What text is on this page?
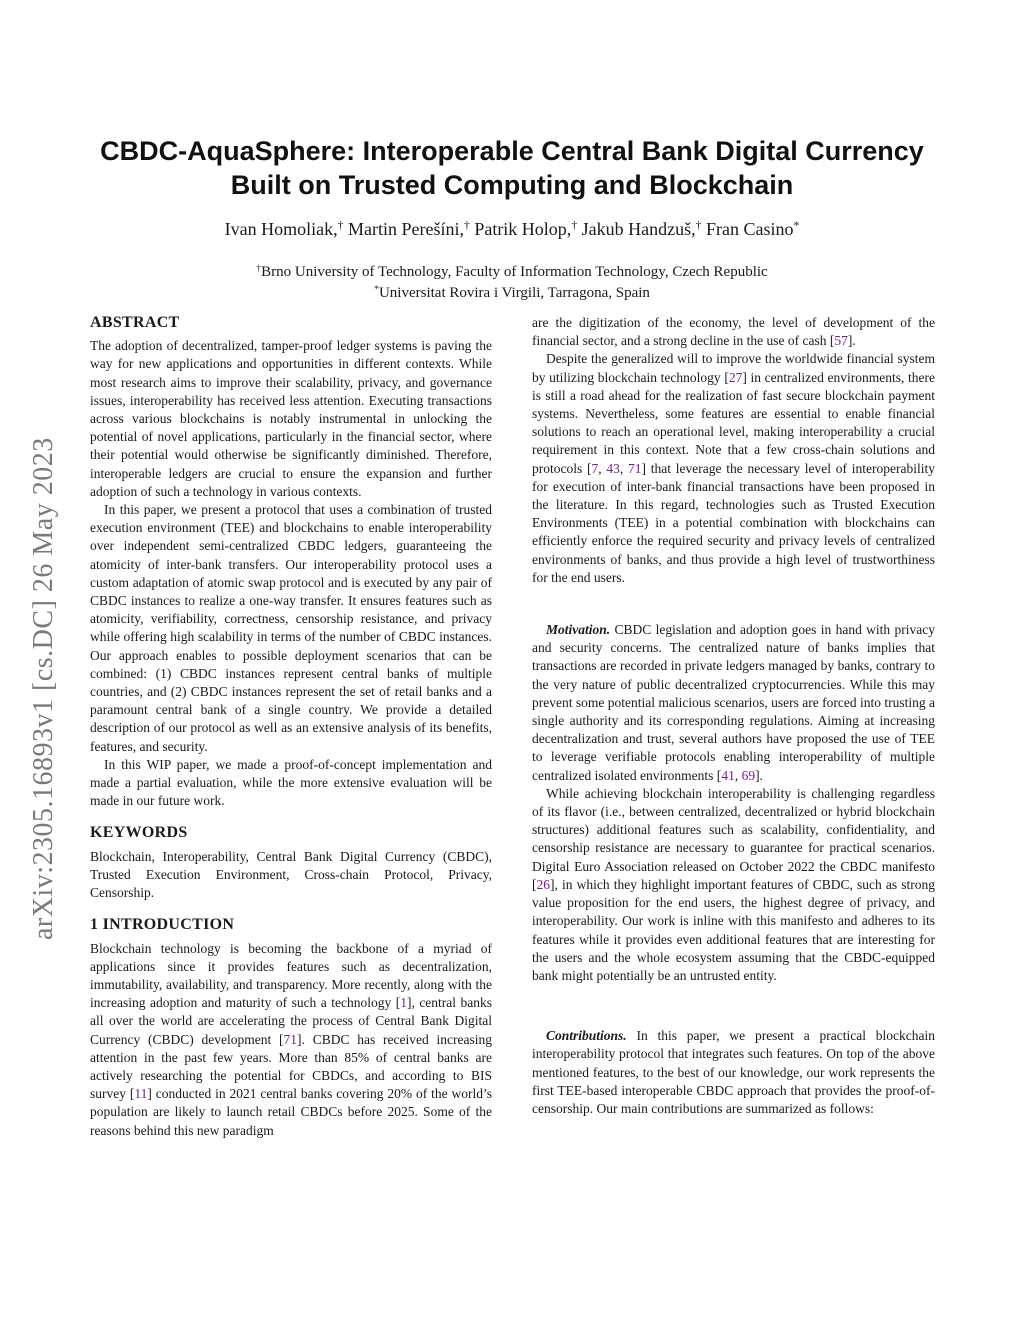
arXiv:2305.16893v1 [cs.DC] 26 May 2023
CBDC-AquaSphere: Interoperable Central Bank Digital Currency
Built on Trusted Computing and Blockchain
Ivan Homoliak,† Martin Perešíni,† Patrik Holop,† Jakub Handzuš,† Fran Casino*
†Brno University of Technology, Faculty of Information Technology, Czech Republic
*Universitat Rovira i Virgili, Tarragona, Spain
ABSTRACT

The adoption of decentralized, tamper-proof ledger systems is paving the way for new applications and opportunities in different contexts. While most research aims to improve their scalability, privacy, and governance issues, interoperability has received less attention. Executing transactions across various blockchains is notably instrumental in unlocking the potential of novel applications, particularly in the financial sector, where their potential would otherwise be significantly diminished. Therefore, interoperable ledgers are crucial to ensure the expansion and further adoption of such a technology in various contexts.

In this paper, we present a protocol that uses a combination of trusted execution environment (TEE) and blockchains to enable interoperability over independent semi-centralized CBDC ledgers, guaranteeing the atomicity of inter-bank transfers. Our interoperability protocol uses a custom adaptation of atomic swap protocol and is executed by any pair of CBDC instances to realize a one-way transfer. It ensures features such as atomicity, verifiability, correctness, censorship resistance, and privacy while offering high scalability in terms of the number of CBDC instances. Our approach enables to possible deployment scenarios that can be combined: (1) CBDC instances represent central banks of multiple countries, and (2) CBDC instances represent the set of retail banks and a paramount central bank of a single country. We provide a detailed description of our protocol as well as an extensive analysis of its benefits, features, and security.

In this WIP paper, we made a proof-of-concept implementation and made a partial evaluation, while the more extensive evaluation will be made in our future work.

KEYWORDS

Blockchain, Interoperability, Central Bank Digital Currency (CBDC), Trusted Execution Environment, Cross-chain Protocol, Privacy, Censorship.

1 INTRODUCTION

Blockchain technology is becoming the backbone of a myriad of applications since it provides features such as decentralization, immutability, availability, and transparency. More recently, along with the increasing adoption and maturity of such a technology [1], central banks all over the world are accelerating the process of Central Bank Digital Currency (CBDC) development [71]. CBDC has received increasing attention in the past few years. More than 85% of central banks are actively researching the potential for CBDCs, and according to BIS survey [11] conducted in 2021 central banks covering 20% of the world’s population are likely to launch retail CBDCs before 2025. Some of the reasons behind this new paradigm

are the digitization of the economy, the level of development of the financial sector, and a strong decline in the use of cash [57].

Despite the generalized will to improve the worldwide financial system by utilizing blockchain technology [27] in centralized environments, there is still a road ahead for the realization of fast secure blockchain payment systems. Nevertheless, some features are essential to enable financial solutions to reach an operational level, making interoperability a crucial requirement in this context. Note that a few cross-chain solutions and protocols [7, 43, 71] that leverage the necessary level of interoperability for execution of inter-bank financial transactions have been proposed in the literature. In this regard, technologies such as Trusted Execution Environments (TEE) in a potential combination with blockchains can efficiently enforce the required security and privacy levels of centralized environments of banks, and thus provide a high level of trustworthiness for the end users.

Motivation. CBDC legislation and adoption goes in hand with privacy and security concerns. The centralized nature of banks implies that transactions are recorded in private ledgers managed by banks, contrary to the very nature of public decentralized cryptocurrencies. While this may prevent some potential malicious scenarios, users are forced into trusting a single authority and its corresponding regulations. Aiming at increasing decentralization and trust, several authors have proposed the use of TEE to leverage verifiable protocols enabling interoperability of multiple centralized isolated environments [41, 69].

While achieving blockchain interoperability is challenging regardless of its flavor (i.e., between centralized, decentralized or hybrid blockchain structures) additional features such as scalability, confidentiality, and censorship resistance are necessary to guarantee for practical scenarios. Digital Euro Association released on October 2022 the CBDC manifesto [26], in which they highlight important features of CBDC, such as strong value proposition for the end users, the highest degree of privacy, and interoperability. Our work is inline with this manifesto and adheres to its features while it provides even additional features that are interesting for the users and the whole ecosystem assuming that the CBDC-equipped bank might potentially be an untrusted entity.

Contributions. In this paper, we present a practical blockchain interoperability protocol that integrates such features. On top of the above mentioned features, to the best of our knowledge, our work represents the first TEE-based interoperable CBDC approach that provides the proof-of-censorship. Our main contributions are summarized as follows:
